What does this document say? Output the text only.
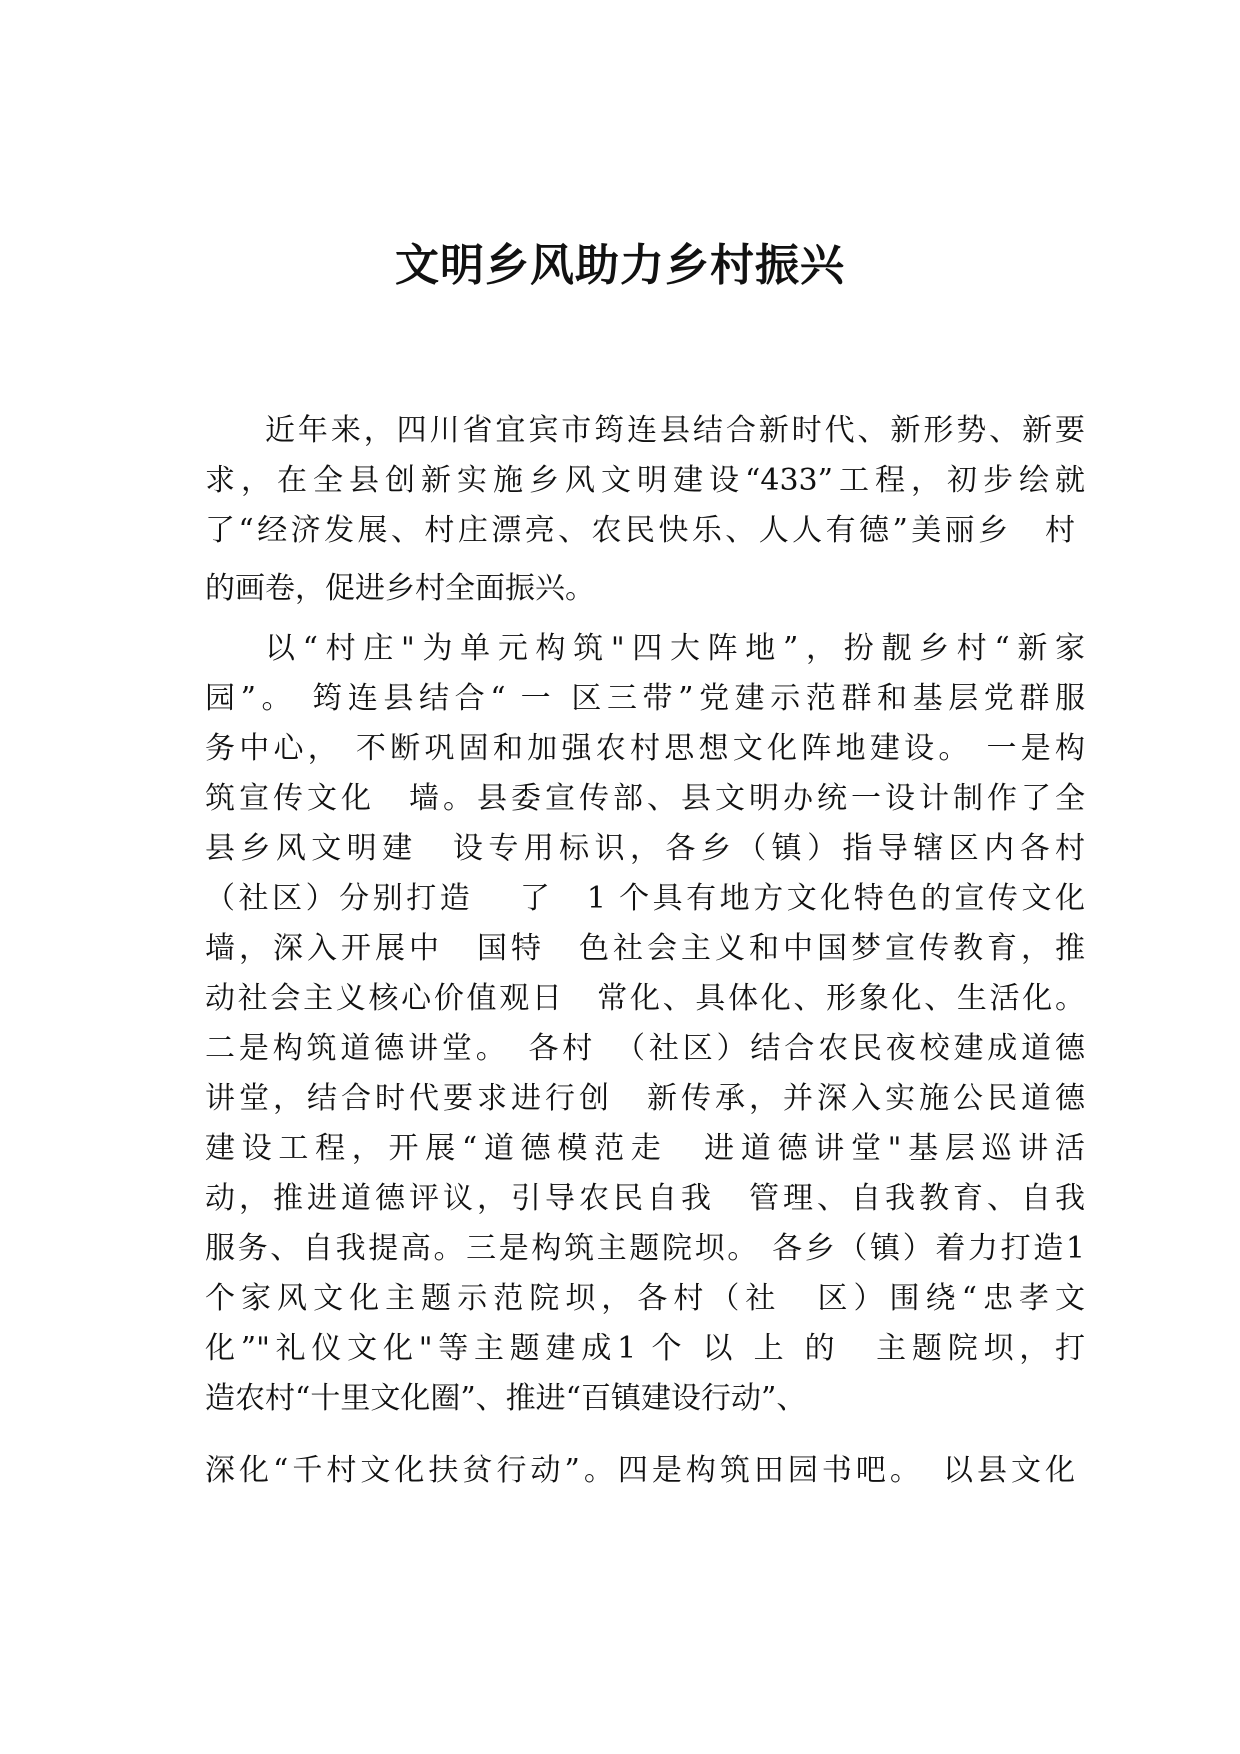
文明乡风助力乡村振兴
近年来，四川省宜宾市筠连县结合新时代、新形势、新要
求，在全县创新实施乡风文明建设“433”工程，初步绘就
了“经济发展、村庄漂亮、农民快乐、人人有德”美丽乡　村
的画卷，促进乡村全面振兴。
以“村庄"为单元构筑"四大阵地”，扮靓乡村“新家
园”。 筠连县结合“ 一 区三带”党建示范群和基层党群服
务中心， 不断巩固和加强农村思想文化阵地建设。 一是构
筑宣传文化　墙。县委宣传部、县文明办统一设计制作了全
县乡风文明建　设专用标识，各乡（镇）指导辖区内各村
（社区）分别打造　 了　1 个具有地方文化特色的宣传文化
墙，深入开展中　国特　色社会主义和中国梦宣传教育，推
动社会主义核心价值观日　常化、具体化、形象化、生活化。
二是构筑道德讲堂。　各村　（社区）结合农民夜校建成道德
讲堂，结合时代要求进行创　新传承，并深入实施公民道德
建设工程，开展“道德模范走　进道德讲堂"基层巡讲活
动，推进道德评议，引导农民自我　管理、自我教育、自我
服务、自我提高。三是构筑主题院坝。 各乡（镇）着力打造1
个家风文化主题示范院坝，各村（社　区）围绕“忠孝文
化”"礼仪文化"等主题建成1 个 以 上 的　主题院坝，打
造农村“十里文化圈”、推进“百镇建设行动”、
深化“千村文化扶贫行动”。四是构筑田园书吧。　以县文化
